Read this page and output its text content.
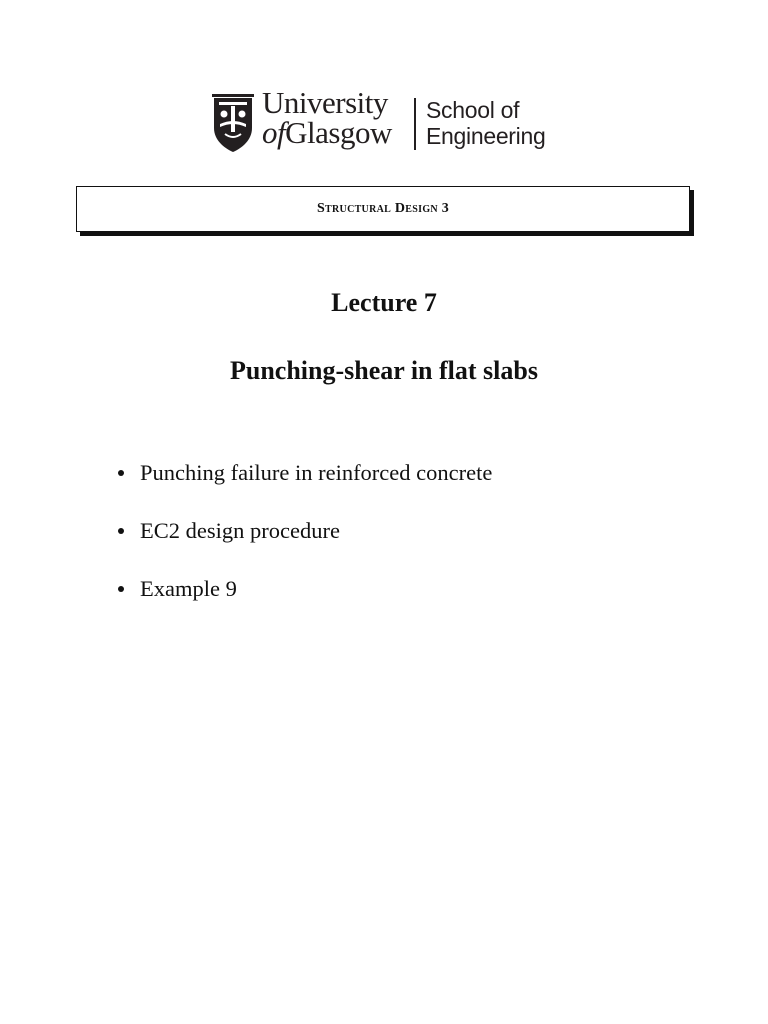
University
ofGlasgow
School of
Engineering
Structural Design 3
Lecture 7
Punching-shear in flat slabs
Punching failure in reinforced concrete
EC2 design procedure
Example 9
